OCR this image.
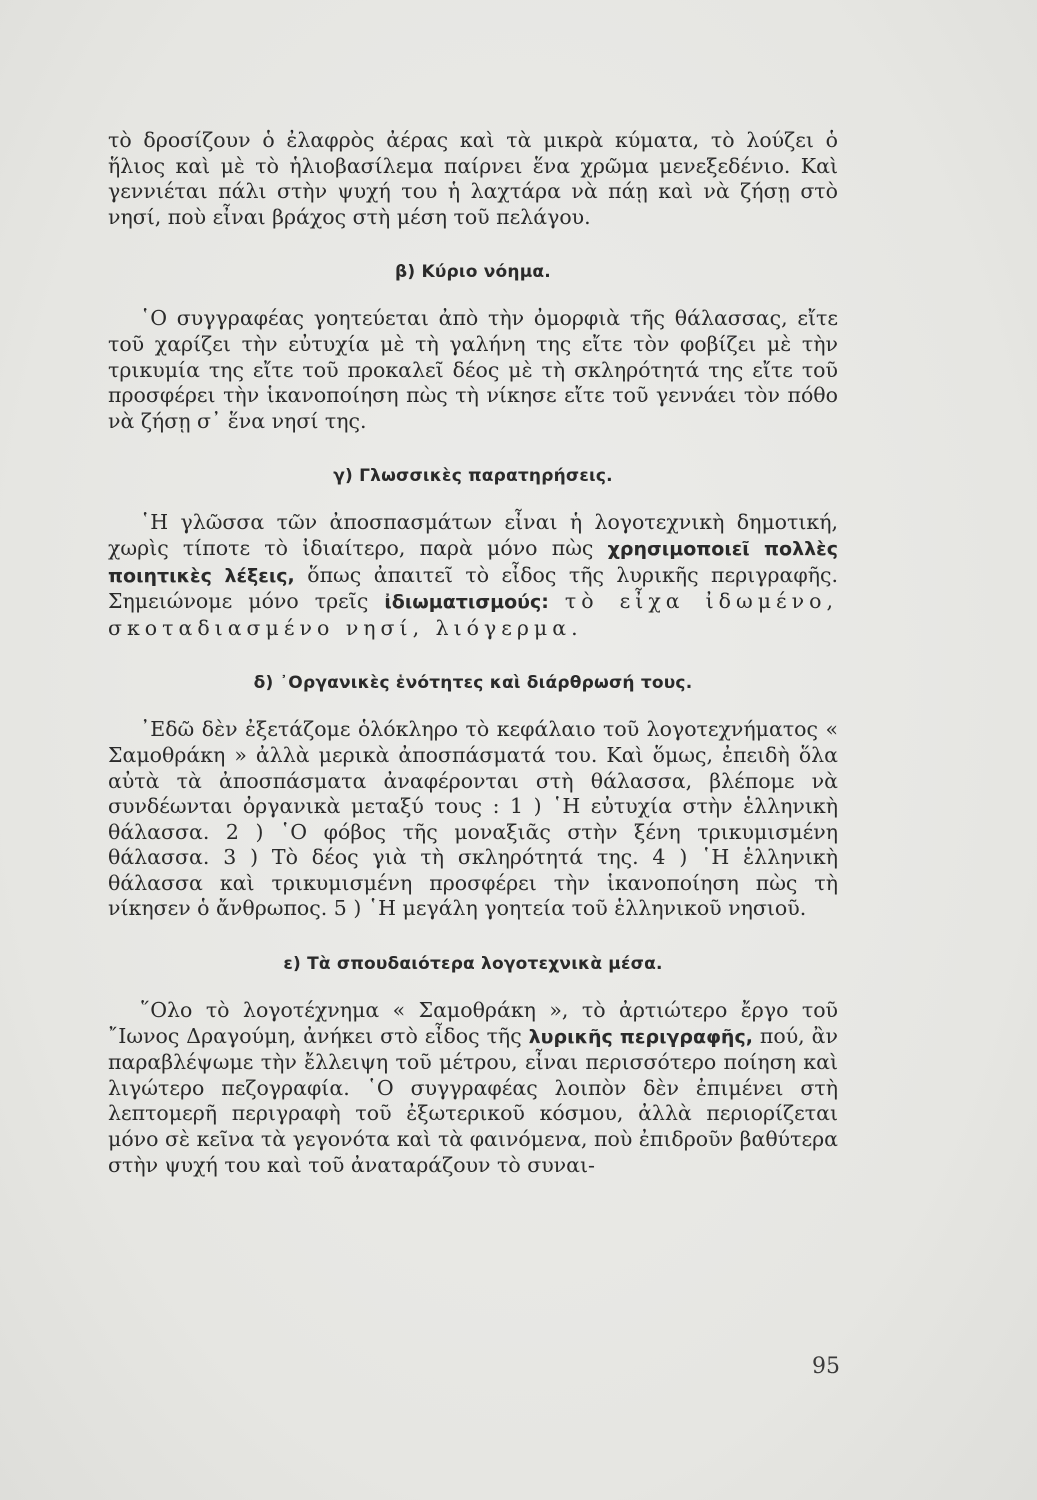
τὸ δροσίζουν ὁ ἐλαφρὸς ἀέρας καὶ τὰ μικρὰ κύματα, τὸ λούζει ὁ ἥλιος καὶ μὲ τὸ ἡλιοβασίλεμα παίρνει ἕνα χρῶμα μενεξεδένιο. Καὶ γεννιέται πάλι στὴν ψυχή του ἡ λαχτάρα νὰ πάῃ καὶ νὰ ζήσῃ στὸ νησί, ποὺ εἶναι βράχος στὴ μέση τοῦ πελάγου.

β) Κύριο νόημα.

῾Ο συγγραφέας γοητεύεται ἀπὸ τὴν ὀμορφιὰ τῆς θάλασσας, εἴτε τοῦ χαρίζει τὴν εὐτυχία μὲ τὴ γαλήνη της εἴτε τὸν φοβίζει μὲ τὴν τρικυμία της εἴτε τοῦ προκαλεῖ δέος μὲ τὴ σκληρότητά της εἴτε τοῦ προσφέρει τὴν ἱκανοποίηση πὼς τὴ νίκησε εἴτε τοῦ γεννάει τὸν πόθο νὰ ζήσῃ σ᾽ ἕνα νησί της.

γ) Γλωσσικὲς παρατηρήσεις.

῾Η γλῶσσα τῶν ἀποσπασμάτων εἶναι ἡ λογοτεχνικὴ δημοτική, χωρὶς τίποτε τὸ ἰδιαίτερο, παρὰ μόνο πὼς χρησιμοποιεῖ πολλὲς ποιητικὲς λέξεις, ὅπως ἀπαιτεῖ τὸ εἶδος τῆς λυρικῆς περιγραφῆς. Σημειώνομε μόνο τρεῖς ἰδιωματισμούς: τὸ εἶχα ἰδωμένο, σκοταδιασμένο νησί, λιόγερμα.

δ) ᾿Οργανικὲς ἑνότητες καὶ διάρθρωσή τους.

᾿Εδῶ δὲν ἐξετάζομε ὁλόκληρο τὸ κεφάλαιο τοῦ λογοτεχνήματος « Σαμοθράκη » ἀλλὰ μερικὰ ἀποσπάσματά του. Καὶ ὅμως, ἐπειδὴ ὅλα αὐτὰ τὰ ἀποσπάσματα ἀναφέρονται στὴ θάλασσα, βλέπομε νὰ συνδέωνται ὀργανικὰ μεταξύ τους : 1 ) ῾Η εὐτυχία στὴν ἑλληνικὴ θάλασσα. 2 ) ῾Ο φόβος τῆς μοναξιᾶς στὴν ξένη τρικυμισμένη θάλασσα. 3 ) Τὸ δέος γιὰ τὴ σκληρότητά της. 4 ) ῾Η ἑλληνικὴ θάλασσα καὶ τρικυμισμένη προσφέρει τὴν ἱκανοποίηση πὼς τὴ νίκησεν ὁ ἄνθρωπος. 5 ) ῾Η μεγάλη γοητεία τοῦ ἑλληνικοῦ νησιοῦ.

ε) Τὰ σπουδαιότερα λογοτεχνικὰ μέσα.

῞Ολο τὸ λογοτέχνημα « Σαμοθράκη », τὸ ἀρτιώτερο ἔργο τοῦ ῎Ιωνος Δραγούμη, ἀνήκει στὸ εἶδος τῆς λυρικῆς περιγραφῆς, πού, ἂν παραβλέψωμε τὴν ἔλλειψη τοῦ μέτρου, εἶναι περισσότερο ποίηση καὶ λιγώτερο πεζογραφία. ῾Ο συγγραφέας λοιπὸν δὲν ἐπιμένει στὴ λεπτομερῆ περιγραφὴ τοῦ ἐξωτερικοῦ κόσμου, ἀλλὰ περιορίζεται μόνο σὲ κεῖνα τὰ γεγονότα καὶ τὰ φαινόμενα, ποὺ ἐπιδροῦν βαθύτερα στὴν ψυχή του καὶ τοῦ ἀναταράζουν τὸ συναι-

95
